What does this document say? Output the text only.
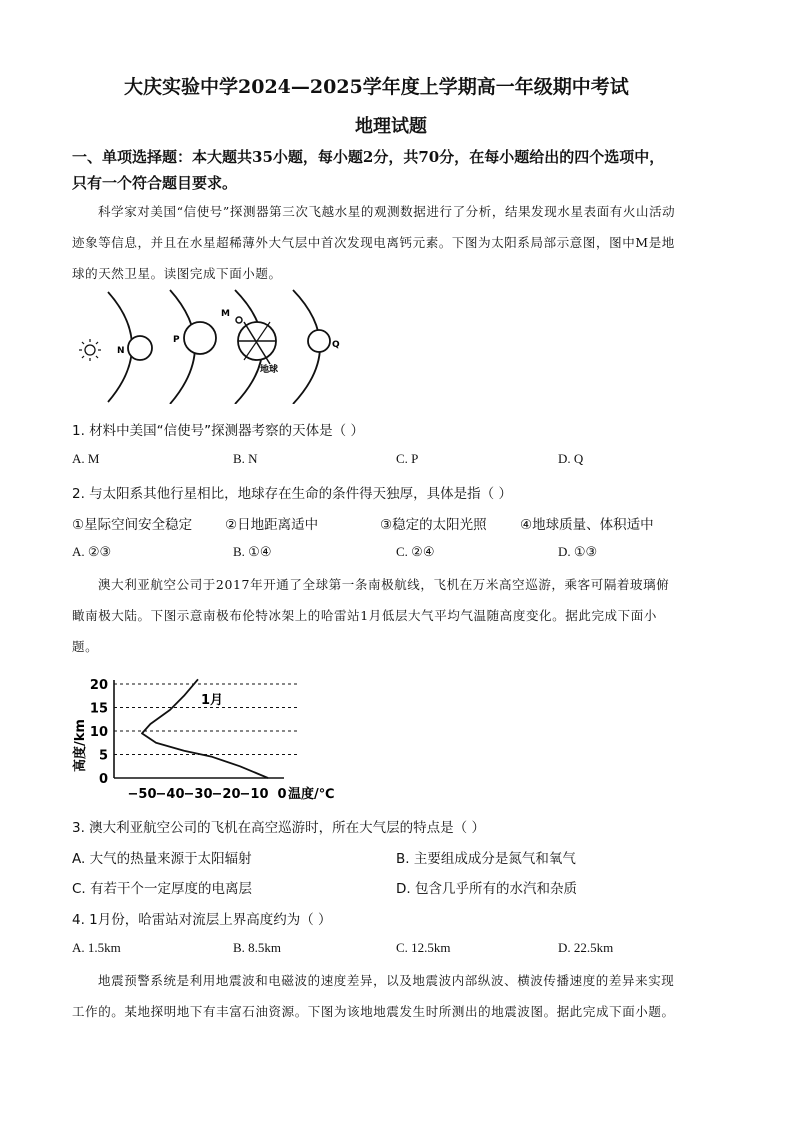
大庆实验中学2024—2025学年度上学期高一年级期中考试
地理试题
一、单项选择题：本大题共35小题，每小题2分，共70分，在每小题给出的四个选项中，
只有一个符合题目要求。
科学家对美国“信使号”探测器第三次飞越水星的观测数据进行了分析，结果发现水星表面有火山活动
迹象等信息，并且在水星超稀薄外大气层中首次发现电离钙元素。下图为太阳系局部示意图，图中M是地
球的天然卫星。读图完成下面小题。
N
P
M
地球
Q
1. 材料中美国“信使号”探测器考察的天体是（ ）
A. M	B. N	C. P	D. Q
2. 与太阳系其他行星相比，地球存在生命的条件得天独厚，具体是指（ ）
①星际空间安全稳定 ②日地距离适中	③稳定的太阳光照 ④地球质量、体积适中
A. ②③	B. ①④	C. ②④	D. ①③
澳大利亚航空公司于2017年开通了全球第一条南极航线，飞机在万米高空巡游，乘客可隔着玻璃俯
瞰南极大陆。下图示意南极布伦特冰架上的哈雷站1月低层大气平均气温随高度变化。据此完成下面小
题。
0
5
10
15
20
−50 −40 −30 −20 −10 0
1月
温度/℃
高度/km
3. 澳大利亚航空公司的飞机在高空巡游时，所在大气层的特点是（ ）
A. 大气的热量来源于太阳辐射	B. 主要组成成分是氮气和氧气
C. 有若干个一定厚度的电离层	D. 包含几乎所有的水汽和杂质
4. 1月份，哈雷站对流层上界高度约为（ ）
A. 1.5km	B. 8.5km	C. 12.5km	D. 22.5km
地震预警系统是利用地震波和电磁波的速度差异，以及地震波内部纵波、横波传播速度的差异来实现
工作的。某地探明地下有丰富石油资源。下图为该地地震发生时所测出的地震波图。据此完成下面小题。
